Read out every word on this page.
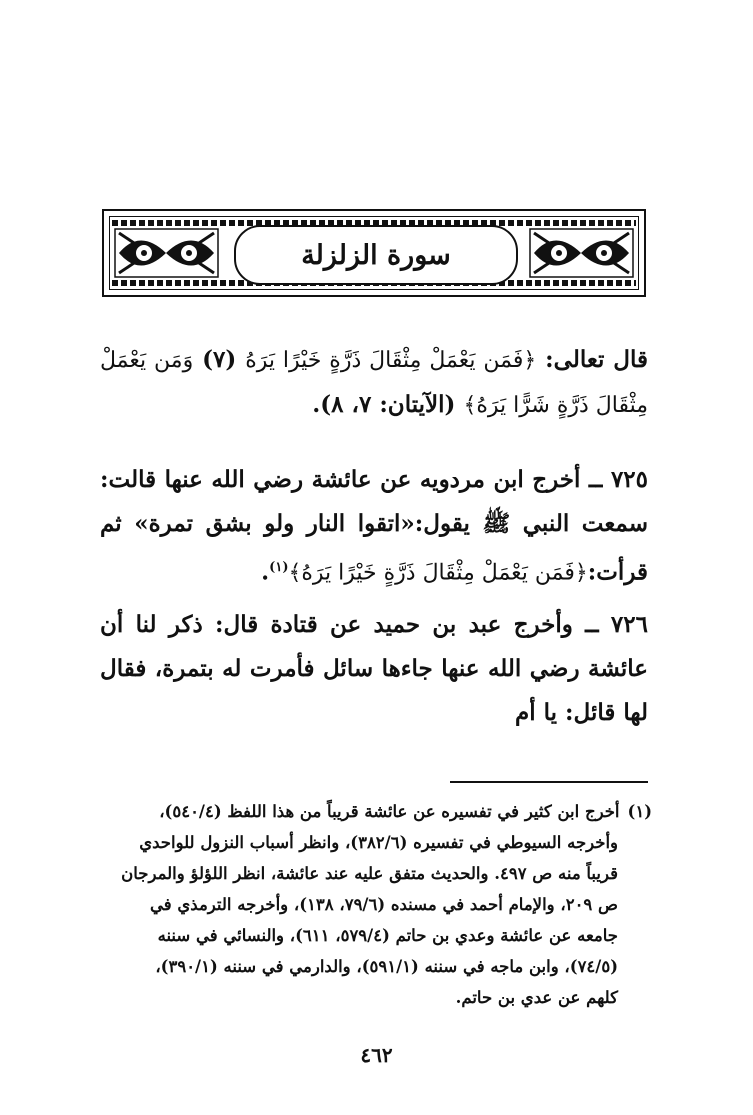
سورة الزلزلة
قال تعالى: ﴿فَمَن يَعْمَلْ مِثْقَالَ ذَرَّةٍ خَيْرًا يَرَهُ (٧) وَمَن يَعْمَلْ مِثْقَالَ ذَرَّةٍ شَرًّا يَرَهُ﴾ (الآيتان: ٧، ٨).
٧٢٥ ــ أخرج ابن مردويه عن عائشة رضي الله عنها قالت: سمعت النبي ﷺ يقول:«اتقوا النار ولو بشق تمرة» ثم قرأت:﴿فَمَن يَعْمَلْ مِثْقَالَ ذَرَّةٍ خَيْرًا يَرَهُ﴾$^{(١)}$.
٧٢٦ ــ وأخرج عبد بن حميد عن قتادة قال: ذكر لنا أن عائشة رضي الله عنها جاءها سائل فأمرت له بتمرة، فقال لها قائل: يا أم
(١)أخرج ابن كثير في تفسيره عن عائشة قريباً من هذا اللفظ (٥٤٠/٤)،
وأخرجه السيوطي في تفسيره (٣٨٢/٦)، وانظر أسباب النزول للواحدي
قريباً منه ص ٤٩٧. والحديث متفق عليه عند عائشة، انظر اللؤلؤ والمرجان
ص ٢٠٩، والإمام أحمد في مسنده (٧٩/٦، ١٣٨)، وأخرجه الترمذي في
جامعه عن عائشة وعدي بن حاتم (٥٧٩/٤، ٦١١)، والنسائي في سننه
(٧٤/٥)، وابن ماجه في سننه (٥٩١/١)، والدارمي في سننه (٣٩٠/١)،
كلهم عن عدي بن حاتم.
٤٦٢
